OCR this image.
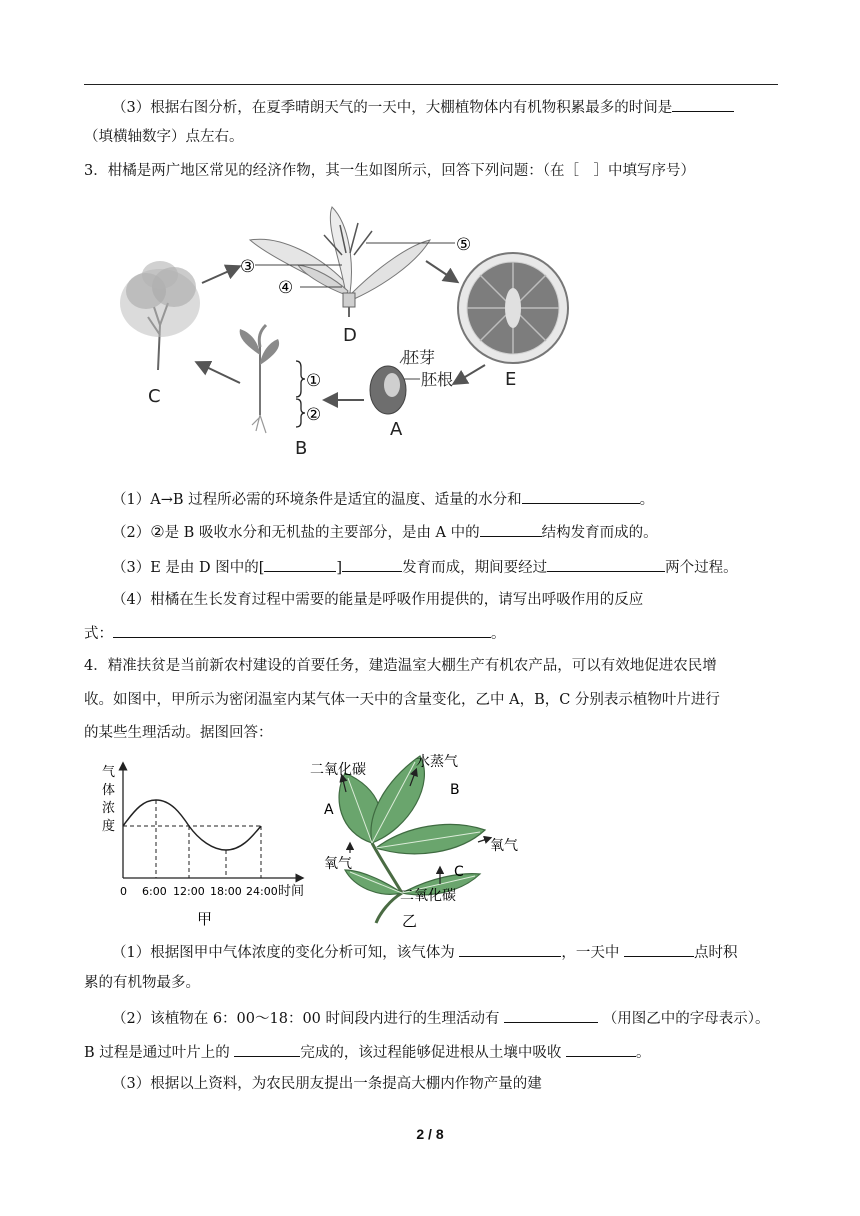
（3）根据右图分析，在夏季晴朗天气的一天中，大棚植物体内有机物积累最多的时间是
（填横轴数字）点左右。
3．柑橘是两广地区常见的经济作物，其一生如图所示，回答下列问题：（在［　］中填写序号）
C
⑤
③
④
D
E
胚芽
胚根
A
①
②
B
（1）A→B 过程所必需的环境条件是适宜的温度、适量的水分和	。
（2）②是 B 吸收水分和无机盐的主要部分，是由 A 中的	结构发育而成的。
（3）E 是由 D 图中的[	]	发育而成，期间要经过	两个过程。
（4）柑橘在生长发育过程中需要的能量是呼吸作用提供的，请写出呼吸作用的反应
式：	。
4．精准扶贫是当前新农村建设的首要任务，建造温室大棚生产有机农产品，可以有效地促进农民增
收。如图中，甲所示为密闭温室内某气体一天中的含量变化，乙中 A，B，C 分别表示植物叶片进行
的某些生理活动。据图回答：
气
体
浓
度
0 6:00 12:00 18:00 24:00 时间
甲
二氧化碳
A
水蒸气
B
氧气
氧气
C
二氧化碳
乙
（1）根据图甲中气体浓度的变化分析可知，该气体为	，一天中	点时积
累的有机物最多。
（2）该植物在 6：00～18：00 时间段内进行的生理活动有	（用图乙中的字母表示）。
B 过程是通过叶片上的	完成的，该过程能够促进根从土壤中吸收	。
（3）根据以上资料，为农民朋友提出一条提高大棚内作物产量的建
2 / 8
